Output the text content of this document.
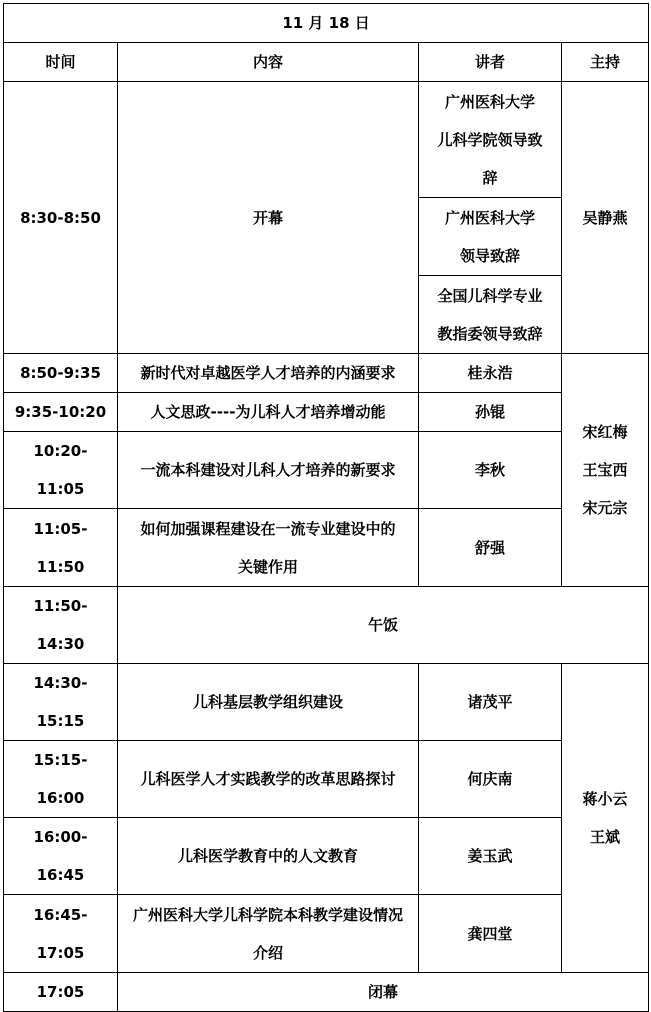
11 月 18 日			
时间	内容	讲者	主持
8:30-8:50	开幕	广州医科大学
儿科学院领导致
辞	吴静燕

		广州医科大学
领导致辞	

		全国儿科学专业
教指委领导致辞	

8:50-9:35	新时代对卓越医学人才培养的内涵要求	桂永浩	宋红梅
王宝西
宋元宗

9:35-10:20	人文思政----为儿科人才培养增动能	孙锟	
10:20-11:05	一流本科建设对儿科人才培养的新要求	李秋	
11:05-11:50	如何加强课程建设在一流专业建设中的
关键作用	舒强	
11:50-14:30	午饭		
14:30-15:15	儿科基层教学组织建设	诸茂平	蒋小云
王斌

15:15-16:00	儿科医学人才实践教学的改革思路探讨	何庆南	
16:00-16:45	儿科医学教育中的人文教育	姜玉武	
16:45-17:05	广州医科大学儿科学院本科教学建设情况
介绍	龚四堂	
17:05	闭幕		
